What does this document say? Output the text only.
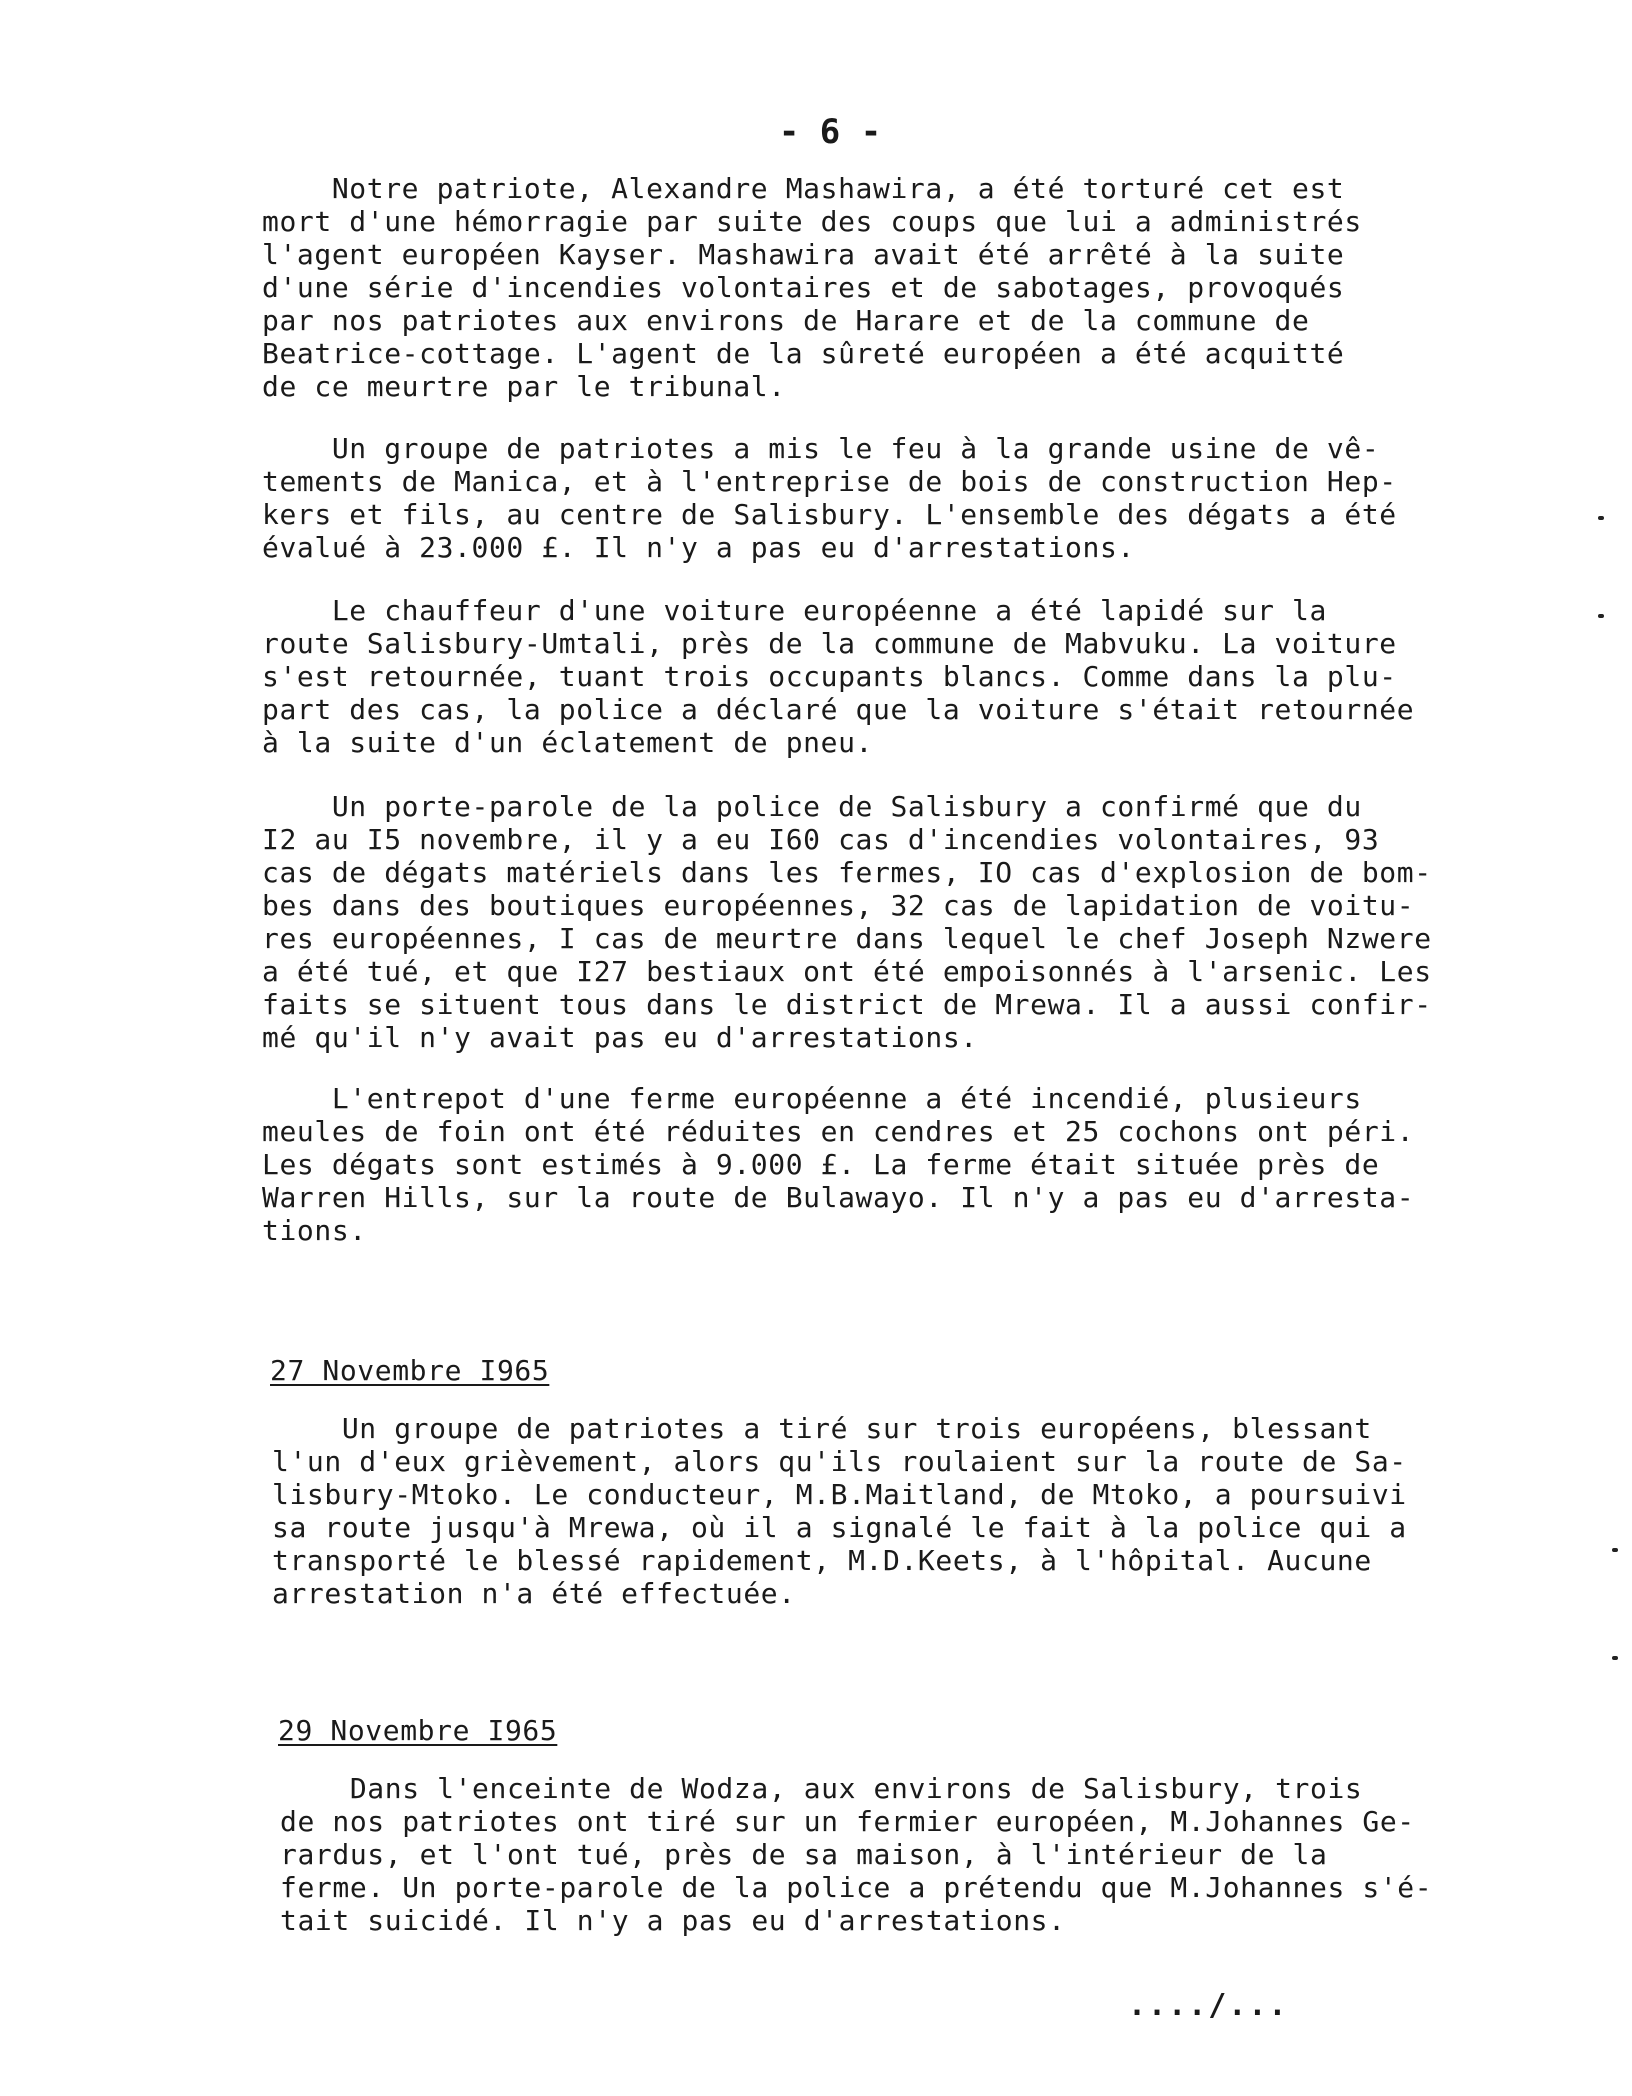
- 6 -
Notre patriote, Alexandre Mashawira, a été torturé cet est
mort d'une hémorragie par suite des coups que lui a administrés
l'agent européen Kayser. Mashawira avait été arrêté à la suite
d'une série d'incendies volontaires et de sabotages, provoqués
par nos patriotes aux environs de Harare et de la commune de
Beatrice-cottage. L'agent de la sûreté européen a été acquitté
de ce meurtre par le tribunal.
Un groupe de patriotes a mis le feu à la grande usine de vê-
tements de Manica, et à l'entreprise de bois de construction Hep-
kers et fils, au centre de Salisbury. L'ensemble des dégats a été
évalué à 23.000 £. Il n'y a pas eu d'arrestations.
Le chauffeur d'une voiture européenne a été lapidé sur la
route Salisbury-Umtali, près de la commune de Mabvuku. La voiture
s'est retournée, tuant trois occupants blancs. Comme dans la plu-
part des cas, la police a déclaré que la voiture s'était retournée
à la suite d'un éclatement de pneu.
Un porte-parole de la police de Salisbury a confirmé que du
I2 au I5 novembre, il y a eu I60 cas d'incendies volontaires, 93
cas de dégats matériels dans les fermes, IO cas d'explosion de bom-
bes dans des boutiques européennes, 32 cas de lapidation de voitu-
res européennes, I cas de meurtre dans lequel le chef Joseph Nzwere
a été tué, et que I27 bestiaux ont été empoisonnés à l'arsenic. Les
faits se situent tous dans le district de Mrewa. Il a aussi confir-
mé qu'il n'y avait pas eu d'arrestations.
L'entrepot d'une ferme européenne a été incendié, plusieurs
meules de foin ont été réduites en cendres et 25 cochons ont péri.
Les dégats sont estimés à 9.000 £. La ferme était située près de
Warren Hills, sur la route de Bulawayo. Il n'y a pas eu d'arresta-
tions.
27 Novembre I965
Un groupe de patriotes a tiré sur trois européens, blessant
l'un d'eux grièvement, alors qu'ils roulaient sur la route de Sa-
lisbury-Mtoko. Le conducteur, M.B.Maitland, de Mtoko, a poursuivi
sa route jusqu'à Mrewa, où il a signalé le fait à la police qui a
transporté le blessé rapidement, M.D.Keets, à l'hôpital. Aucune
arrestation n'a été effectuée.
29 Novembre I965
Dans l'enceinte de Wodza, aux environs de Salisbury, trois
de nos patriotes ont tiré sur un fermier européen, M.Johannes Ge-
rardus, et l'ont tué, près de sa maison, à l'intérieur de la
ferme. Un porte-parole de la police a prétendu que M.Johannes s'é-
tait suicidé. Il n'y a pas eu d'arrestations.
..../...
